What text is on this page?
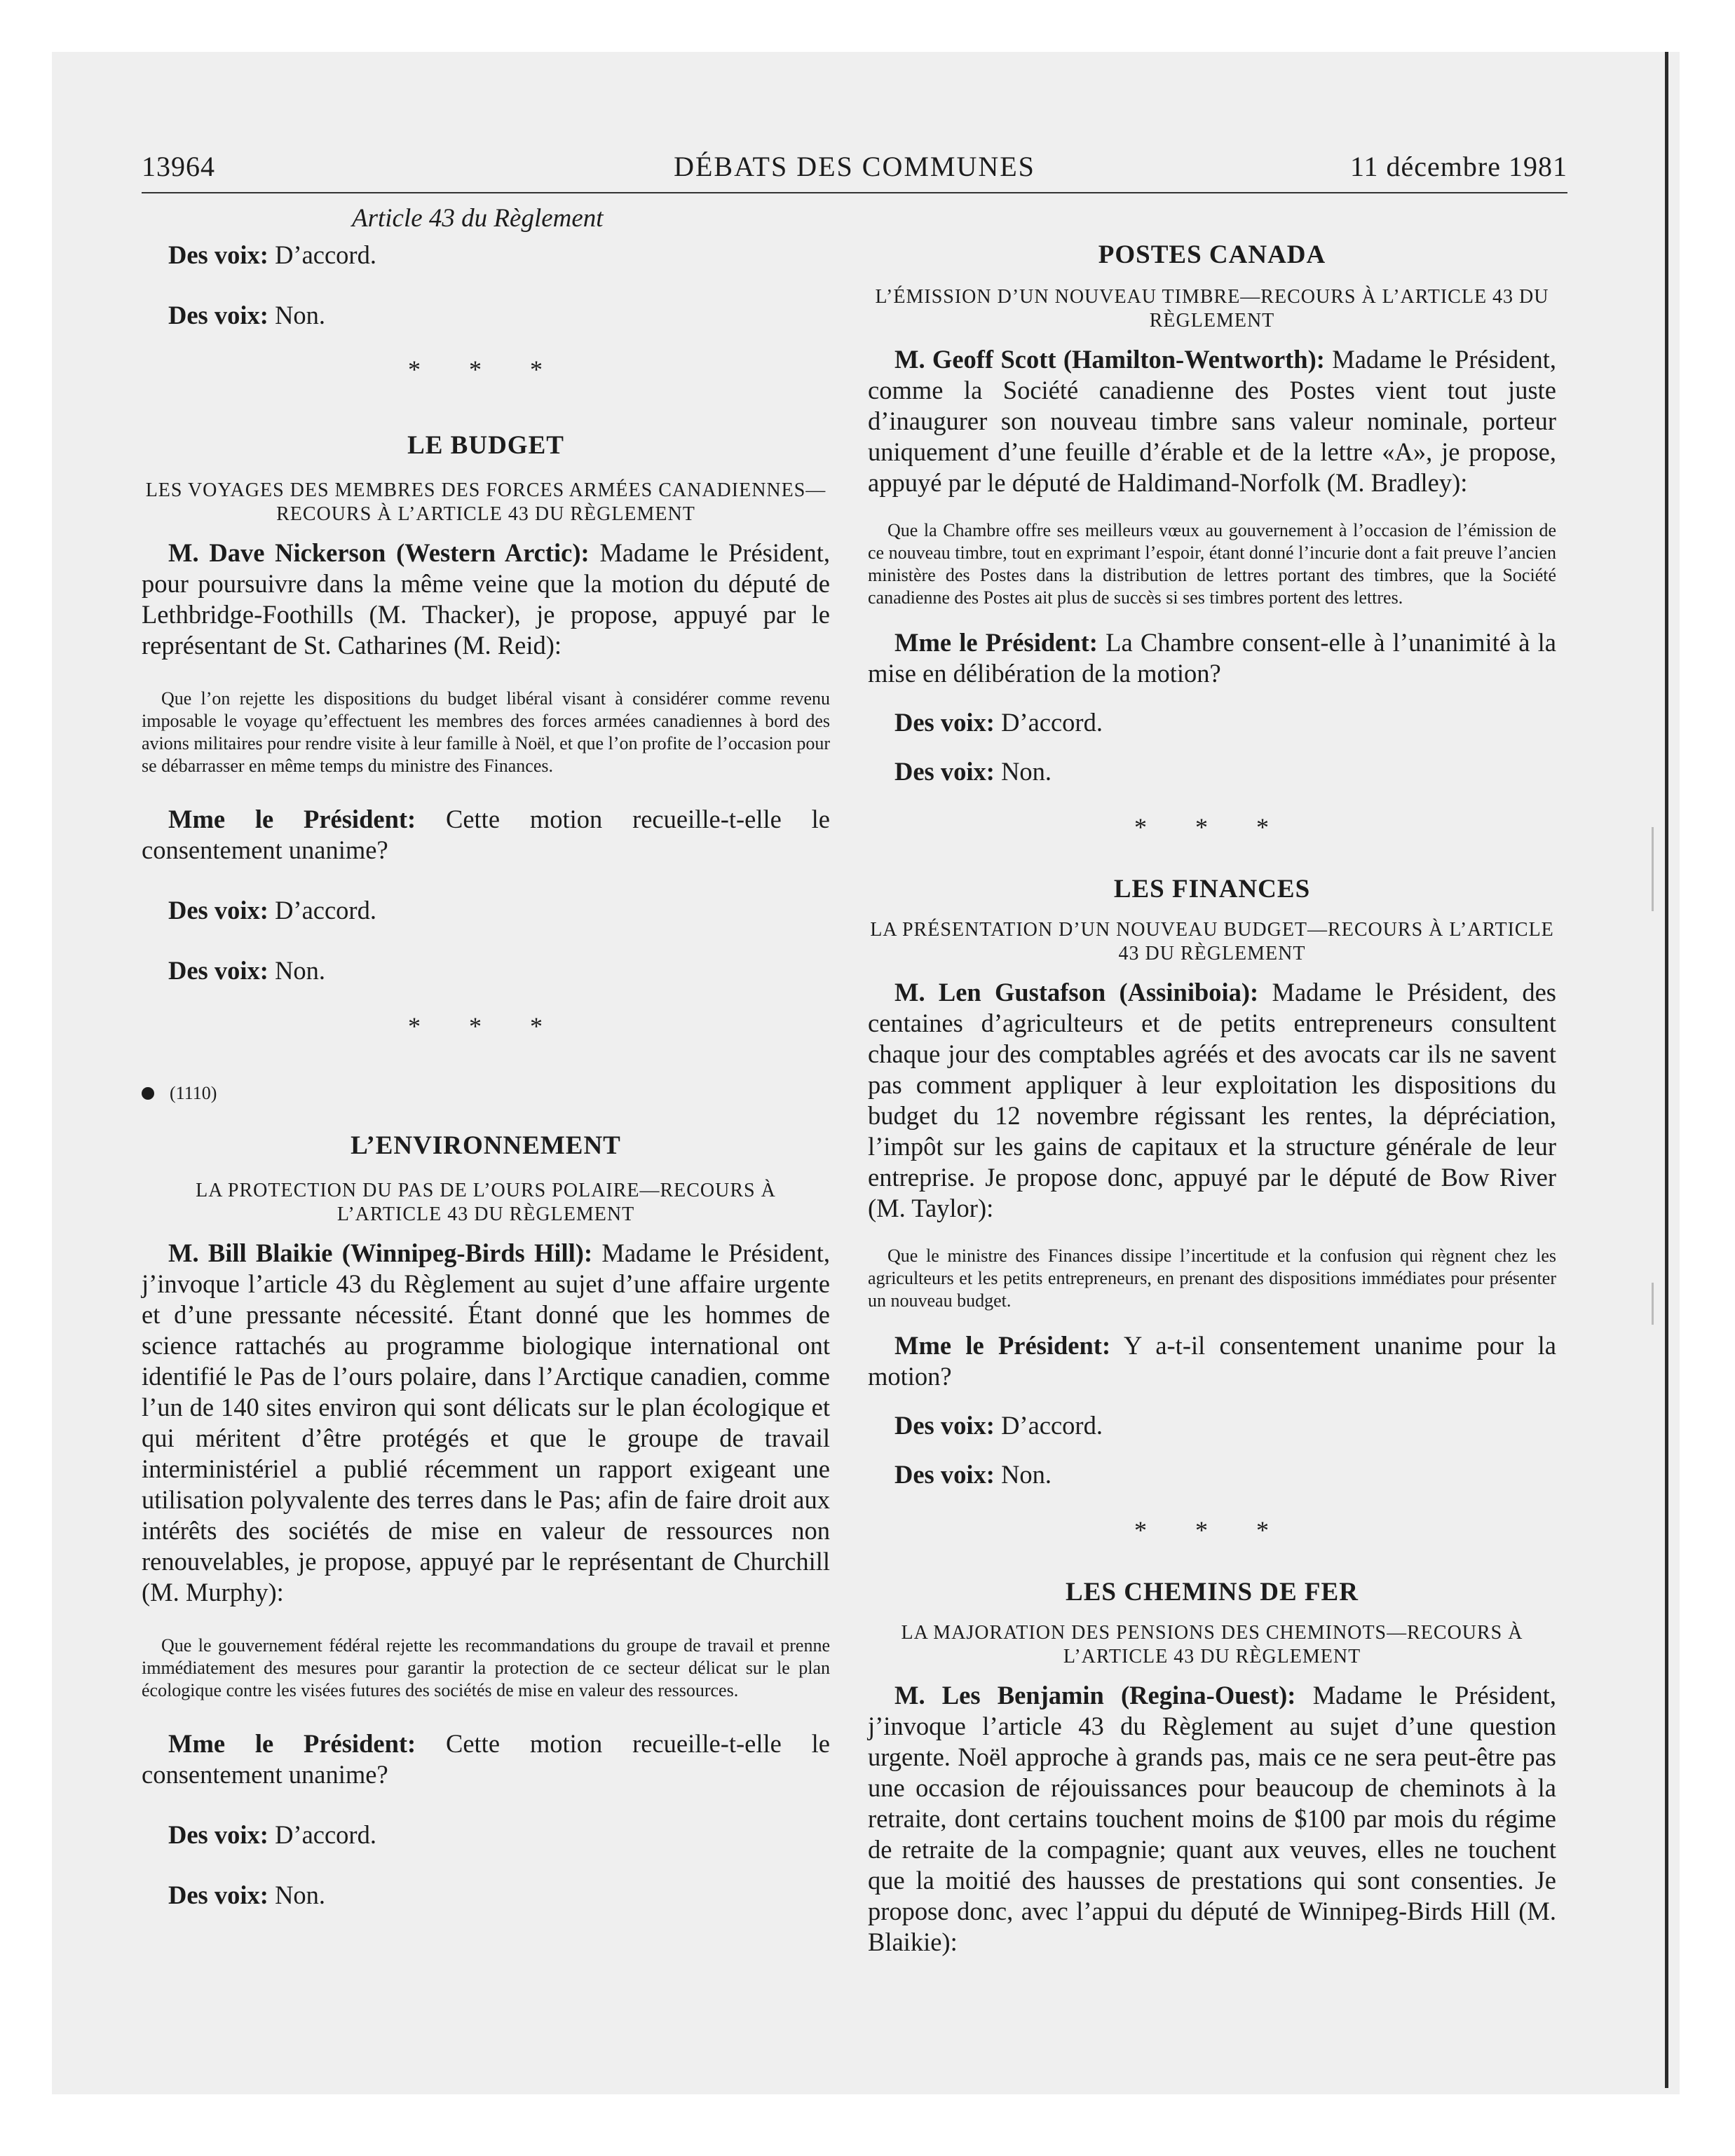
13964	DÉBATS DES COMMUNES	11 décembre 1981
Article 43 du Règlement

Des voix: D’accord.

Des voix: Non.

* * *
LE BUDGET
LES VOYAGES DES MEMBRES DES FORCES ARMÉES CANADIENNES—RECOURS À L’ARTICLE 43 DU RÈGLEMENT

M. Dave Nickerson (Western Arctic): Madame le Président, pour poursuivre dans la même veine que la motion du député de Lethbridge-Foothills (M. Thacker), je propose, appuyé par le représentant de St. Catharines (M. Reid):

Que l’on rejette les dispositions du budget libéral visant à considérer comme revenu imposable le voyage qu’effectuent les membres des forces armées canadiennes à bord des avions militaires pour rendre visite à leur famille à Noël, et que l’on profite de l’occasion pour se débarrasser en même temps du ministre des Finances.

Mme le Président: Cette motion recueille-t-elle le consentement unanime?

Des voix: D’accord.

Des voix: Non.

* * *
(1110)
L’ENVIRONNEMENT
LA PROTECTION DU PAS DE L’OURS POLAIRE—RECOURS À L’ARTICLE 43 DU RÈGLEMENT

M. Bill Blaikie (Winnipeg-Birds Hill): Madame le Président, j’invoque l’article 43 du Règlement au sujet d’une affaire urgente et d’une pressante nécessité. Étant donné que les hommes de science rattachés au programme biologique international ont identifié le Pas de l’ours polaire, dans l’Arctique canadien, comme l’un de 140 sites environ qui sont délicats sur le plan écologique et qui méritent d’être protégés et que le groupe de travail interministériel a publié récemment un rapport exigeant une utilisation polyvalente des terres dans le Pas; afin de faire droit aux intérêts des sociétés de mise en valeur de ressources non renouvelables, je propose, appuyé par le représentant de Churchill (M. Murphy):

Que le gouvernement fédéral rejette les recommandations du groupe de travail et prenne immédiatement des mesures pour garantir la protection de ce secteur délicat sur le plan écologique contre les visées futures des sociétés de mise en valeur des ressources.

Mme le Président: Cette motion recueille-t-elle le consentement unanime?

Des voix: D’accord.

Des voix: Non.

POSTES CANADA
L’ÉMISSION D’UN NOUVEAU TIMBRE—RECOURS À L’ARTICLE 43 DU RÈGLEMENT

M. Geoff Scott (Hamilton-Wentworth): Madame le Président, comme la Société canadienne des Postes vient tout juste d’inaugurer son nouveau timbre sans valeur nominale, porteur uniquement d’une feuille d’érable et de la lettre «A», je propose, appuyé par le député de Haldimand-Norfolk (M. Bradley):

Que la Chambre offre ses meilleurs vœux au gouvernement à l’occasion de l’émission de ce nouveau timbre, tout en exprimant l’espoir, étant donné l’incurie dont a fait preuve l’ancien ministère des Postes dans la distribution de lettres portant des timbres, que la Société canadienne des Postes ait plus de succès si ses timbres portent des lettres.

Mme le Président: La Chambre consent-elle à l’unanimité à la mise en délibération de la motion?

Des voix: D’accord.

Des voix: Non.

* * *
LES FINANCES
LA PRÉSENTATION D’UN NOUVEAU BUDGET—RECOURS À L’ARTICLE 43 DU RÈGLEMENT

M. Len Gustafson (Assiniboia): Madame le Président, des centaines d’agriculteurs et de petits entrepreneurs consultent chaque jour des comptables agréés et des avocats car ils ne savent pas comment appliquer à leur exploitation les dispositions du budget du 12 novembre régissant les rentes, la dépréciation, l’impôt sur les gains de capitaux et la structure générale de leur entreprise. Je propose donc, appuyé par le député de Bow River (M. Taylor):

Que le ministre des Finances dissipe l’incertitude et la confusion qui règnent chez les agriculteurs et les petits entrepreneurs, en prenant des dispositions immédiates pour présenter un nouveau budget.

Mme le Président: Y a-t-il consentement unanime pour la motion?

Des voix: D’accord.

Des voix: Non.

* * *
LES CHEMINS DE FER
LA MAJORATION DES PENSIONS DES CHEMINOTS—RECOURS À L’ARTICLE 43 DU RÈGLEMENT

M. Les Benjamin (Regina-Ouest): Madame le Président, j’invoque l’article 43 du Règlement au sujet d’une question urgente. Noël approche à grands pas, mais ce ne sera peut-être pas une occasion de réjouissances pour beaucoup de cheminots à la retraite, dont certains touchent moins de $100 par mois du régime de retraite de la compagnie; quant aux veuves, elles ne touchent que la moitié des hausses de prestations qui sont consenties. Je propose donc, avec l’appui du député de Winnipeg-Birds Hill (M. Blaikie):
